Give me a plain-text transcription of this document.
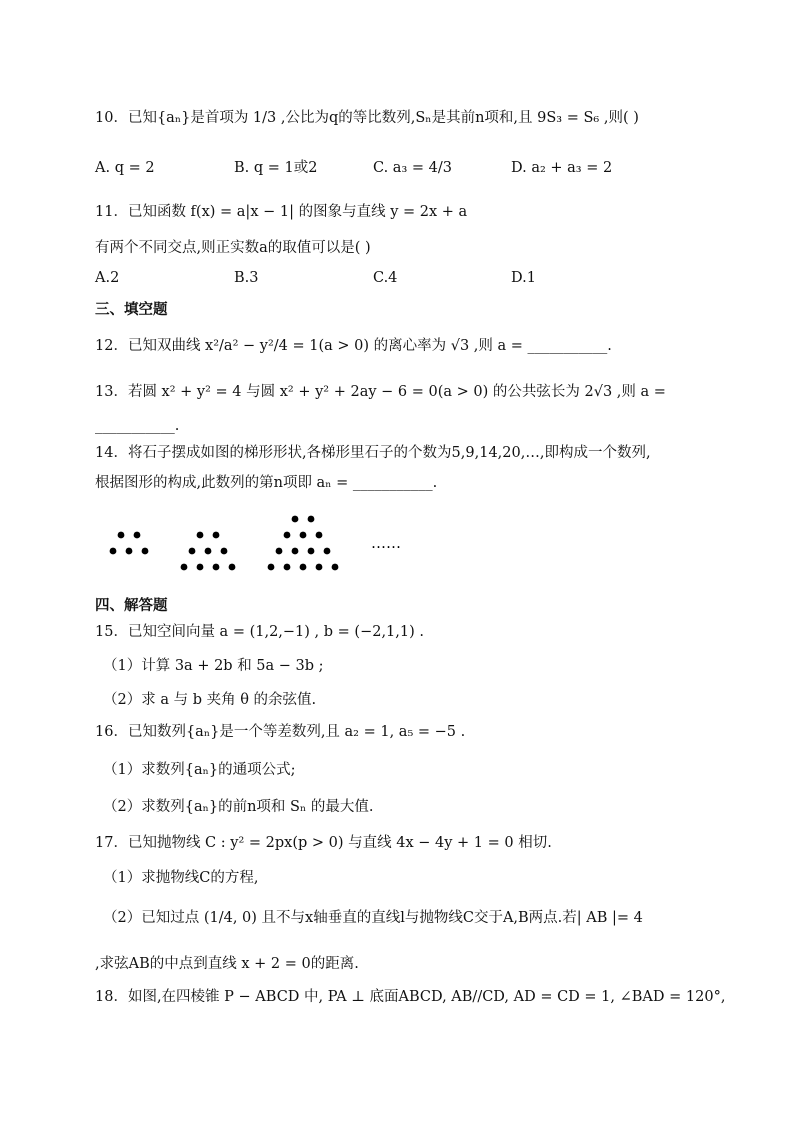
10．已知{aₙ}是首项为 1/3 ,公比为q的等比数列,Sₙ是其前n项和,且 9S₃ = S₆ ,则( )
A. q = 2	B. q = 1或2	C. a₃ = 4/3	D. a₂ + a₃ = 2
11．已知函数 f(x) = a|x − 1| 的图象与直线 y = 2x + a
有两个不同交点,则正实数a的取值可以是( )
A.2	B.3	C.4	D.1
三、填空题
12．已知双曲线 x²/a² − y²/4 = 1(a > 0) 的离心率为 √3 ,则 a = ___________.
13．若圆 x² + y² = 4 与圆 x² + y² + 2ay − 6 = 0(a > 0) 的公共弦长为 2√3 ,则 a =
___________.
14．将石子摆成如图的梯形形状,各梯形里石子的个数为5,9,14,20,…,即构成一个数列,
根据图形的构成,此数列的第n项即 aₙ = ___________.
……
四、解答题
15．已知空间向量 a = (1,2,−1) , b = (−2,1,1) .
（1）计算 3a + 2b 和 5a − 3b ;
（2）求 a 与 b 夹角 θ 的余弦值.
16．已知数列{aₙ}是一个等差数列,且 a₂ = 1, a₅ = −5 .
（1）求数列{aₙ}的通项公式;
（2）求数列{aₙ}的前n项和 Sₙ 的最大值.
17．已知抛物线 C : y² = 2px(p > 0) 与直线 4x − 4y + 1 = 0 相切.
（1）求抛物线C的方程,
（2）已知过点 (1/4, 0) 且不与x轴垂直的直线l与抛物线C交于A,B两点.若| AB |= 4
,求弦AB的中点到直线 x + 2 = 0的距离.
18．如图,在四棱锥 P − ABCD 中, PA ⊥ 底面ABCD, AB//CD, AD = CD = 1, ∠BAD = 120°,
